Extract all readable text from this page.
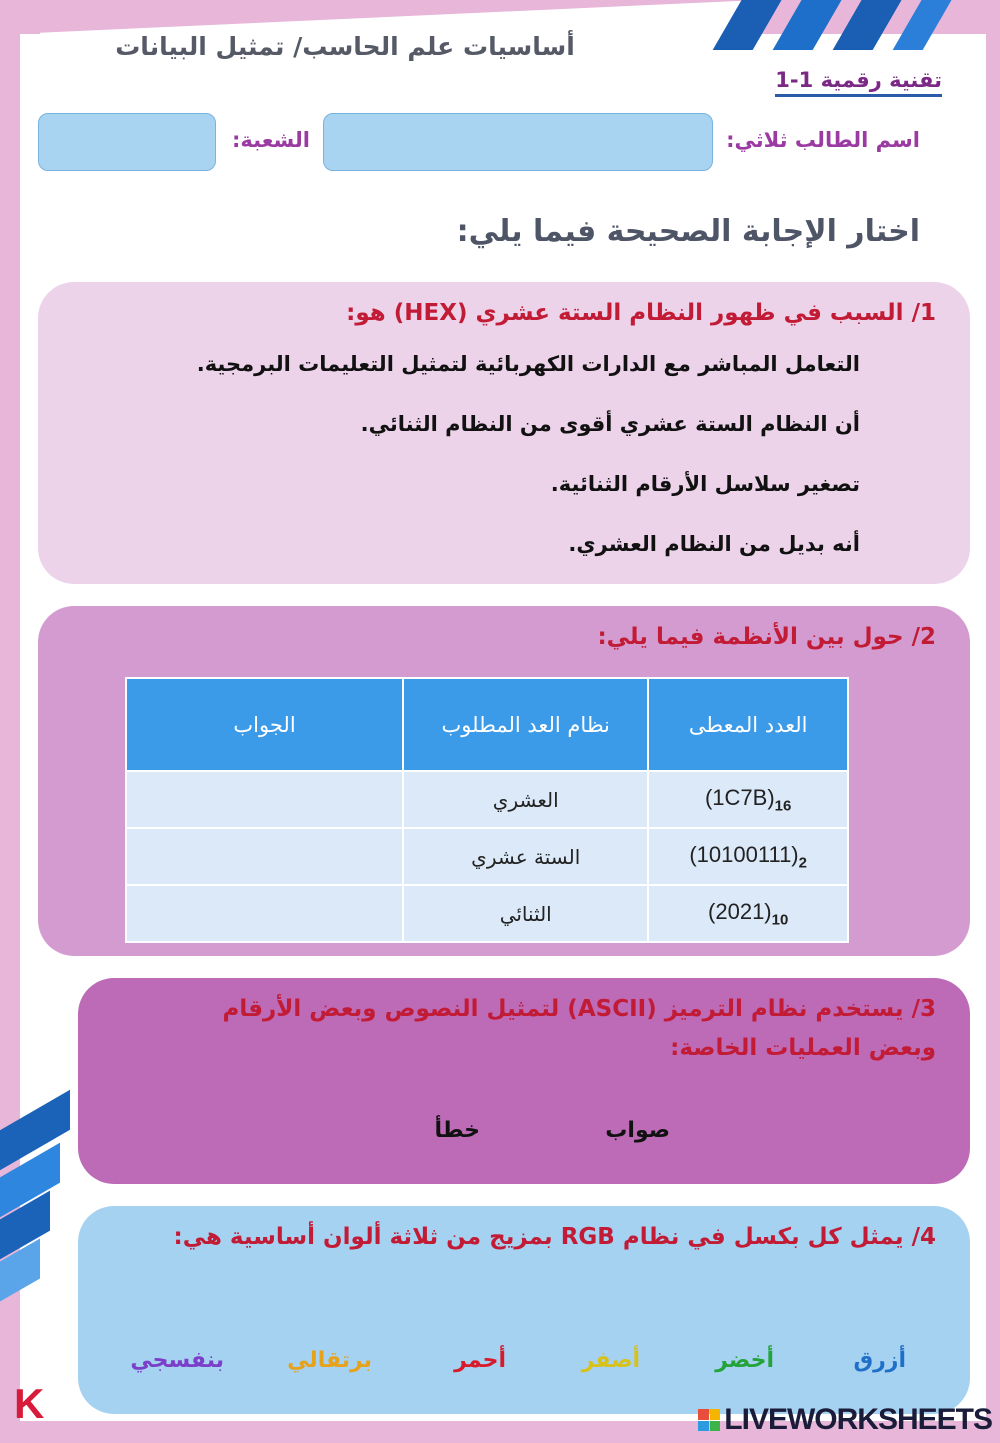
أساسيات علم الحاسب/ تمثيل البيانات
تقنية رقمية 1-1
اسم الطالب ثلاثي:
الشعبة:
اختار الإجابة الصحيحة فيما يلي:
1/ السبب في ظهور النظام الستة عشري (HEX) هو:
التعامل المباشر مع الدارات الكهربائية لتمثيل التعليمات البرمجية.
أن النظام الستة عشري أقوى من النظام الثنائي.
تصغير سلاسل الأرقام الثنائية.
أنه بديل من النظام العشري.
2/ حول بين الأنظمة فيما يلي:
العدد المعطى	نظام العد المطلوب	الجواب
$(1C7B)_{16}$	العشري	
$(10100111)_2$	الستة عشري	
$(2021)_{10}$	الثنائي	
3/ يستخدم نظام الترميز (ASCII) لتمثيل النصوص وبعض الأرقام وبعض العمليات الخاصة:
صواب
خطأ
4/ يمثل كل بكسل في نظام RGB بمزيج من ثلاثة ألوان أساسية هي:
أزرق
أخضر
أصفر
أحمر
برتقالي
بنفسجي
K	LIVEWORKSHEETS
